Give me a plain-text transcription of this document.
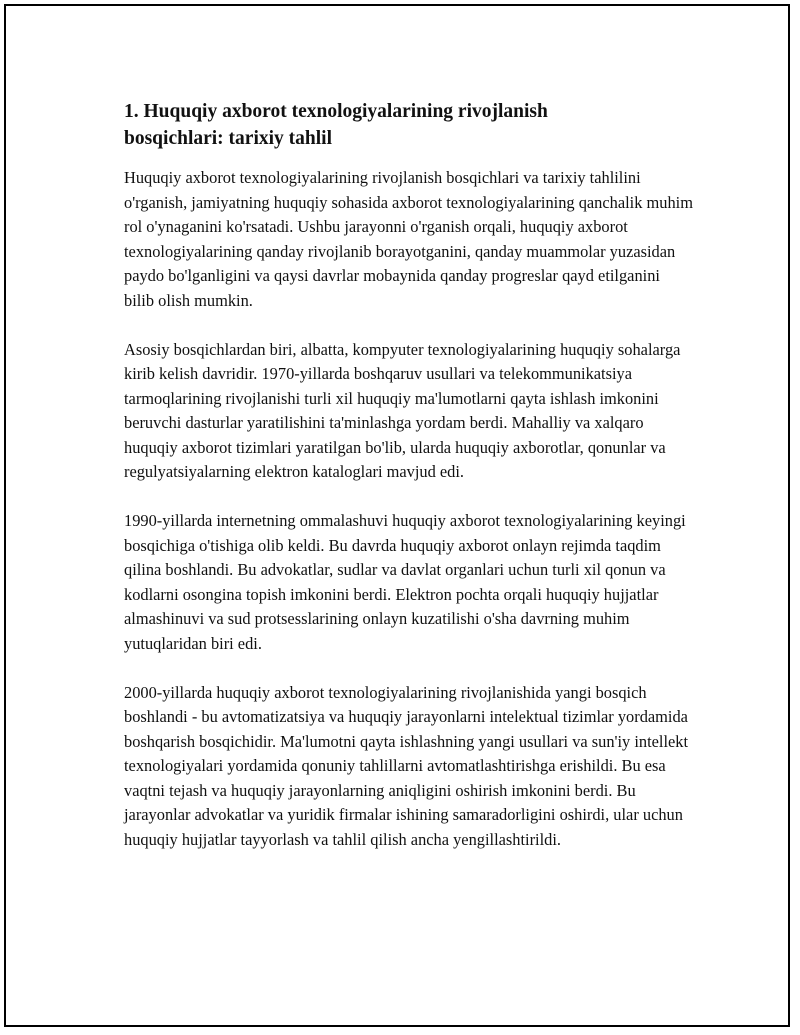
1. Huquqiy axborot texnologiyalarining rivojlanish
bosqichlari: tarixiy tahlil

Huquqiy axborot texnologiyalarining rivojlanish bosqichlari va tarixiy tahlilini o'rganish, jamiyatning huquqiy sohasida axborot texnologiyalarining qanchalik muhim rol o'ynaganini ko'rsatadi. Ushbu jarayonni o'rganish orqali, huquqiy axborot texnologiyalarining qanday rivojlanib borayotganini, qanday muammolar yuzasidan paydo bo'lganligini va qaysi davrlar mobaynida qanday progreslar qayd etilganini bilib olish mumkin.

Asosiy bosqichlardan biri, albatta, kompyuter texnologiyalarining huquqiy sohalarga kirib kelish davridir. 1970-yillarda boshqaruv usullari va telekommunikatsiya tarmoqlarining rivojlanishi turli xil huquqiy ma'lumotlarni qayta ishlash imkonini beruvchi dasturlar yaratilishini ta'minlashga yordam berdi. Mahalliy va xalqaro huquqiy axborot tizimlari yaratilgan bo'lib, ularda huquqiy axborotlar, qonunlar va regulyatsiyalarning elektron kataloglari mavjud edi.

1990-yillarda internetning ommalashuvi huquqiy axborot texnologiyalarining keyingi bosqichiga o'tishiga olib keldi. Bu davrda huquqiy axborot onlayn rejimda taqdim qilina boshlandi. Bu advokatlar, sudlar va davlat organlari uchun turli xil qonun va kodlarni osongina topish imkonini berdi. Elektron pochta orqali huquqiy hujjatlar almashinuvi va sud protsesslarining onlayn kuzatilishi o'sha davrning muhim yutuqlaridan biri edi.

2000-yillarda huquqiy axborot texnologiyalarining rivojlanishida yangi bosqich boshlandi - bu avtomatizatsiya va huquqiy jarayonlarni intelektual tizimlar yordamida boshqarish bosqichidir. Ma'lumotni qayta ishlashning yangi usullari va sun'iy intellekt texnologiyalari yordamida qonuniy tahlillarni avtomatlashtirishga erishildi. Bu esa vaqtni tejash va huquqiy jarayonlarning aniqligini oshirish imkonini berdi. Bu jarayonlar advokatlar va yuridik firmalar ishining samaradorligini oshirdi, ular uchun huquqiy hujjatlar tayyorlash va tahlil qilish ancha yengillashtirildi.
